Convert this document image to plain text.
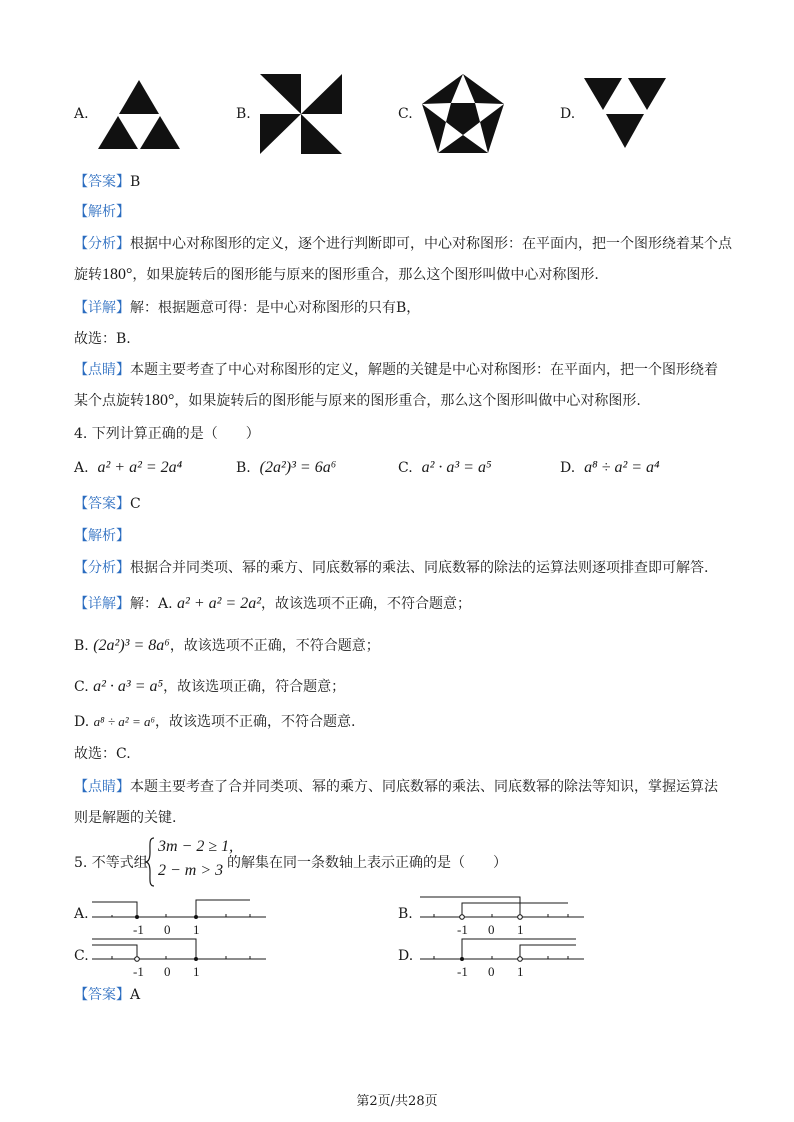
A.	B.	C.	D.
【答案】B
【解析】
【分析】根据中心对称图形的定义，逐个进行判断即可，中心对称图形：在平面内，把一个图形绕着某个点
旋转180°，如果旋转后的图形能与原来的图形重合，那么这个图形叫做中心对称图形.
【详解】解：根据题意可得：是中心对称图形的只有B，
故选：B.
【点睛】本题主要考查了中心对称图形的定义，解题的关键是中心对称图形：在平面内，把一个图形绕着
某个点旋转180°，如果旋转后的图形能与原来的图形重合，那么这个图形叫做中心对称图形.
4. 下列计算正确的是（　　）
A. a² + a² = 2a⁴	B. (2a²)³ = 6a⁶	C. a² · a³ = a⁵	D. a⁸ ÷ a² = a⁴
【答案】C
【解析】
【分析】根据合并同类项、幂的乘方、同底数幂的乘法、同底数幂的除法的运算法则逐项排查即可解答.
【详解】解：A. a² + a² = 2a²，故该选项不正确，不符合题意；
B. (2a²)³ = 8a⁶，故该选项不正确，不符合题意；
C. a² · a³ = a⁵，故该选项正确，符合题意；
D. a⁸ ÷ a² = a⁶，故该选项不正确，不符合题意.
故选：C.
【点睛】本题主要考查了合并同类项、幂的乘方、同底数幂的乘法、同底数幂的除法等知识，掌握运算法
则是解题的关键.
5. 不等式组
3m − 2 ≥ 1,
2 − m > 3 的解集在同一条数轴上表示正确的是（　　）
A.
-1 0 1
B.
-1 0 1
C.
-1 0 1
D.
-1 0 1
【答案】A
第2页/共28页
